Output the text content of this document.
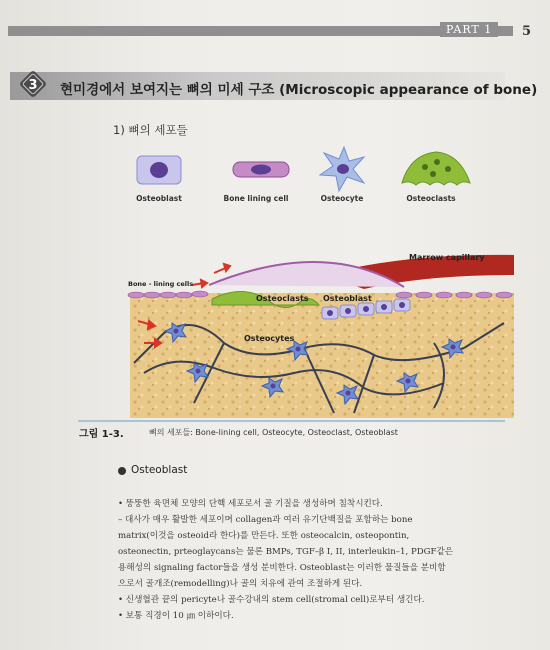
PART 1	5
3 현미경에서 보여지는 뼈의 미세 구조 (Microscopic appearance of bone)
1) 뼈의 세포들
Osteoblast	Bone lining cell	Osteocyte	Osteoclasts
Marrow capillary
Bone - lining cells
Osteoclasts Osteoblast
Osteocytes
그림 1-3.	뼈의 세포들: Bone-lining cell, Osteocyte, Osteoclast, Osteoblast
Osteoblast
• 뚱뚱한 육면체 모양의 단핵 세포로서 골 기질을 생성하며 침착시킨다.
– 대사가 매우 활발한 세포이며 collagen과 여러 유기단백질을 포함하는 bone
matrix(이것을 osteoid라 한다)를 만든다. 또한 osteocalcin, osteopontin,
osteonectin, prteoglaycans는 물론 BMPs, TGF–β I, II, interleukin–1, PDGF같은
용해성의 signaling factor들을 생성 분비한다. Osteoblast는 이러한 물질들을 분비함
으로서 골개조(remodelling)나 골의 치유에 관여 조절하게 된다.
• 신생혈관 끝의 pericyte나 골수강내의 stem cell(stromal cell)로부터 생긴다.
• 보통 직경이 10 ㎛ 이하이다.
